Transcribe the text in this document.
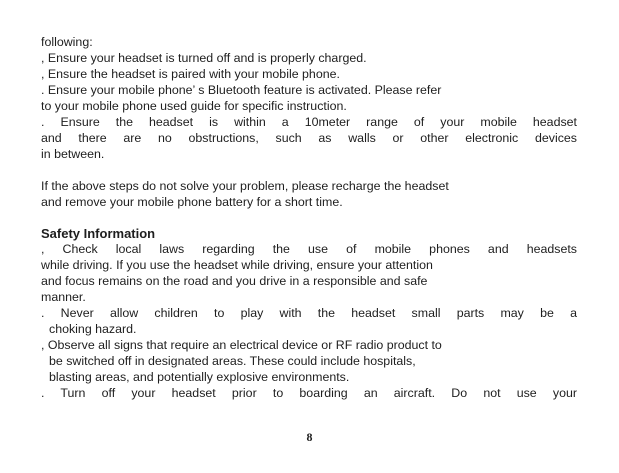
following:

, Ensure your headset is turned off and is properly charged.

, Ensure the headset is paired with your mobile phone.

. Ensure your mobile phone’ s Bluetooth feature is activated. Please refer

to your mobile phone used guide for specific instruction.

. Ensure the headset is within a 10meter range of your mobile headset

and there are no obstructions, such as walls or other electronic devices

in between.

If the above steps do not solve your problem, please recharge the headset

and remove your mobile phone battery for a short time.

Safety Information

, Check local laws regarding the use of mobile phones and headsets

while driving. If you use the headset while driving, ensure your attention

and focus remains on the road and you drive in a responsible and safe

manner.

. Never allow children to play with the headset small parts may be a

choking hazard.

, Observe all signs that require an electrical device or RF radio product to

be switched off in designated areas. These could include hospitals,

blasting areas, and potentially explosive environments.

. Turn off your headset prior to boarding an aircraft. Do not use your

8
